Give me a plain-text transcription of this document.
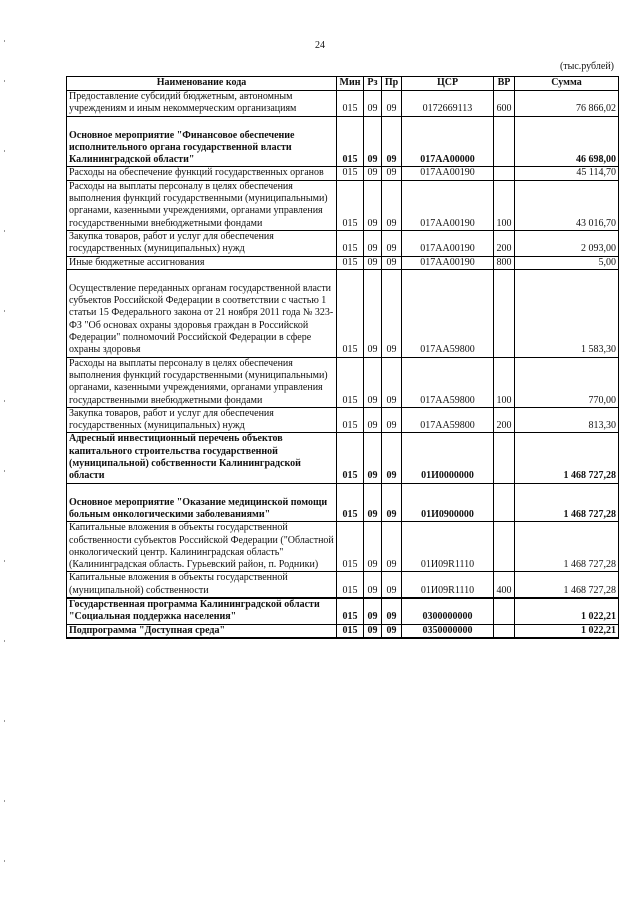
24
(тыс.рублей)
Наименование кода	Мин	Рз	Пр	ЦСР	ВР	Сумма
Предоставление субсидий бюджетным, автономным учреждениям и иным некоммерческим организациям	015	09	09	0172669113	600	76 866,02
Основное мероприятие "Финансовое обеспечение исполнительного органа государственной власти Калининградской области"	015	09	09	017АА00000		46 698,00
Расходы на обеспечение функций государственных органов	015	09	09	017АА00190		45 114,70
Расходы на выплаты персоналу в целях обеспечения выполнения функций государственными (муниципальными) органами, казенными учреждениями, органами управления государственными внебюджетными фондами	015	09	09	017АА00190	100	43 016,70
Закупка товаров, работ и услуг для обеспечения государственных (муниципальных) нужд	015	09	09	017АА00190	200	2 093,00
Иные бюджетные ассигнования	015	09	09	017АА00190	800	5,00
Осуществление переданных органам государственной власти субъектов Российской Федерации в соответствии с частью 1 статьи 15 Федерального закона от 21 ноября 2011 года № 323-ФЗ "Об основах охраны здоровья граждан в Российской Федерации" полномочий Российской Федерации в сфере охраны здоровья	015	09	09	017АА59800		1 583,30
Расходы на выплаты персоналу в целях обеспечения выполнения функций государственными (муниципальными) органами, казенными учреждениями, органами управления государственными внебюджетными фондами	015	09	09	017АА59800	100	770,00
Закупка товаров, работ и услуг для обеспечения государственных (муниципальных) нужд	015	09	09	017АА59800	200	813,30
Адресный инвестиционный перечень объектов капитального строительства государственной (муниципальной) собственности Калининградской области	015	09	09	01И0000000		1 468 727,28
Основное мероприятие "Оказание медицинской помощи больным онкологическими заболеваниями"	015	09	09	01И0900000		1 468 727,28
Капитальные вложения в объекты государственной собственности субъектов Российской Федерации ("Областной онкологический центр. Калининградская область" (Калининградская область. Гурьевский район, п. Родники)	015	09	09	01И09R1110		1 468 727,28
Капитальные вложения в объекты государственной (муниципальной) собственности	015	09	09	01И09R1110	400	1 468 727,28
Государственная программа Калининградской области "Социальная поддержка населения"	015	09	09	0300000000		1 022,21
Подпрограмма "Доступная среда"	015	09	09	0350000000		1 022,21
